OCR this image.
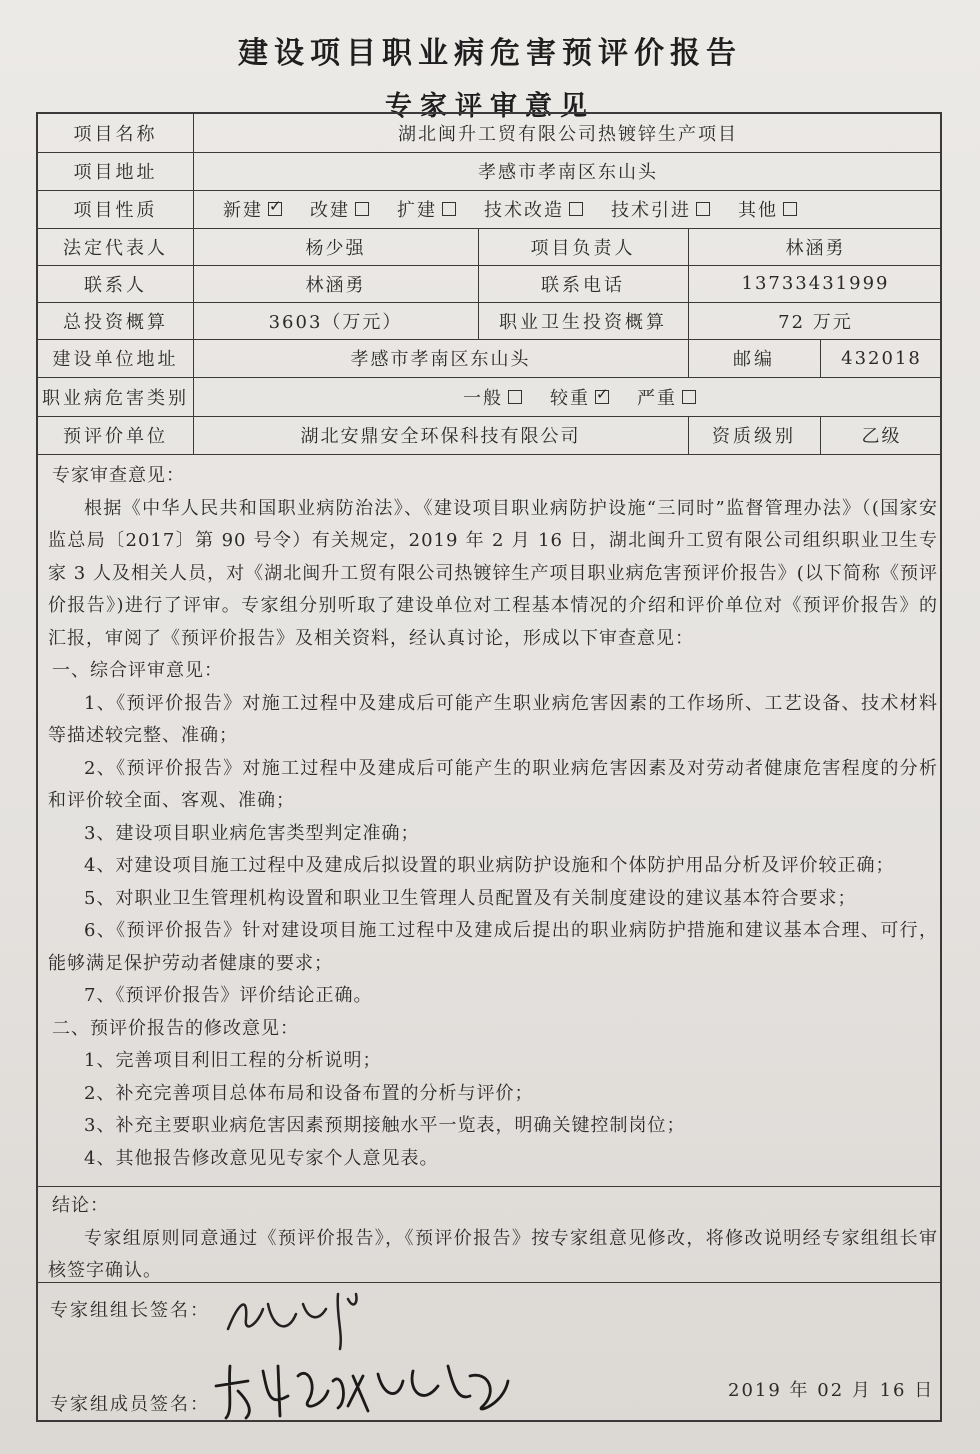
建设项目职业病危害预评价报告
专家评审意见
项目名称	湖北闽升工贸有限公司热镀锌生产项目
项目地址	孝感市孝南区东山头
项目性质	新建 ✓	改建	扩建	技术改造	技术引进	其他
法定代表人	杨少强	项目负责人	林涵勇
联系人	林涵勇	联系电话	13733431999
总投资概算	3603（万元）	职业卫生投资概算	72 万元
建设单位地址	孝感市孝南区东山头	邮编	432018
职业病危害类别	一般	较重 ✓	严重
预评价单位	湖北安鼎安全环保科技有限公司	资质级别	乙级
专家审查意见：
根据《中华人民共和国职业病防治法》、《建设项目职业病防护设施“三同时”监督管理办法》（(国家安监总局〔2017〕第 90 号令）有关规定，2019 年 2 月 16 日，湖北闽升工贸有限公司组织职业卫生专家 3 人及相关人员，对《湖北闽升工贸有限公司热镀锌生产项目职业病危害预评价报告》(以下简称《预评价报告》)进行了评审。专家组分别听取了建设单位对工程基本情况的介绍和评价单位对《预评价报告》的汇报，审阅了《预评价报告》及相关资料，经认真讨论，形成以下审查意见：
一、综合评审意见：
1、《预评价报告》对施工过程中及建成后可能产生职业病危害因素的工作场所、工艺设备、技术材料等描述较完整、准确；
2、《预评价报告》对施工过程中及建成后可能产生的职业病危害因素及对劳动者健康危害程度的分析和评价较全面、客观、准确；
3、建设项目职业病危害类型判定准确；
4、对建设项目施工过程中及建成后拟设置的职业病防护设施和个体防护用品分析及评价较正确；
5、对职业卫生管理机构设置和职业卫生管理人员配置及有关制度建设的建议基本符合要求；
6、《预评价报告》针对建设项目施工过程中及建成后提出的职业病防护措施和建议基本合理、可行，能够满足保护劳动者健康的要求；
7、《预评价报告》评价结论正确。
二、预评价报告的修改意见：
1、完善项目利旧工程的分析说明；
2、补充完善项目总体布局和设备布置的分析与评价；
3、补充主要职业病危害因素预期接触水平一览表，明确关键控制岗位；
4、其他报告修改意见见专家个人意见表。
结论：
专家组原则同意通过《预评价报告》，《预评价报告》按专家组意见修改，将修改说明经专家组组长审核签字确认。
专家组组长签名：
专家组成员签名：
2019 年 02 月 16 日
